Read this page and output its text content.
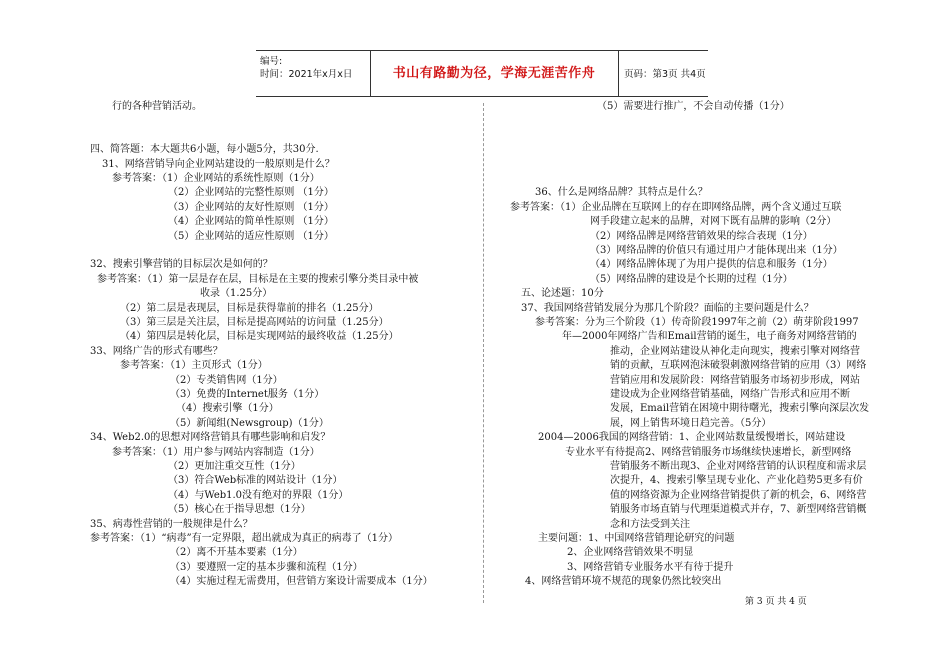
编号:
时间：2021年x月x日	书山有路勤为径，学海无涯苦作舟	页码：第3页 共4页
行的各种营销活动。
四、简答题：本大题共6小题，每小题5分，共30分.
31、网络营销导向企业网站建设的一般原则是什么？
参考答案：（1）企业网站的系统性原则（1分）
（2）企业网站的完整性原则 （1分）
（3）企业网站的友好性原则 （1分）
（4）企业网站的简单性原则 （1分）
（5）企业网站的适应性原则 （1分）
32、搜索引擎营销的目标层次是如何的？
参考答案：（1）第一层是存在层，目标是在主要的搜索引擎分类目录中被
收录（1.25分）
（2）第二层是表现层，目标是获得靠前的排名（1.25分）
（3）第三层是关注层，目标是提高网站的访问量（1.25分）
（4）第四层是转化层，目标是实现网站的最终收益（1.25分）
33、网络广告的形式有哪些？
参考答案：（1）主页形式（1分）
（2）专类销售网（1分）
（3）免费的Internet服务（1分）
（4）搜索引擎（1分）
（5）新闻组(Newsgroup)（1分）
34、Web2.0的思想对网络营销具有哪些影响和启发？
参考答案：（1）用户参与网站内容制造（1分）
（2）更加注重交互性（1分）
（3）符合Web标准的网站设计（1分）
（4）与Web1.0没有绝对的界限（1分）
（5）核心在于指导思想（1分）
35、病毒性营销的一般规律是什么？
参考答案：（1）“病毒”有一定界限，超出就成为真正的病毒了（1分）
（2）离不开基本要素（1分）
（3）要遵照一定的基本步骤和流程（1分）
（4）实施过程无需费用，但营销方案设计需要成本（1分）
（5）需要进行推广，不会自动传播（1分）
36、什么是网络品牌？其特点是什么？
参考答案：（1）企业品牌在互联网上的存在即网络品牌，两个含义通过互联
网手段建立起来的品牌，对网下既有品牌的影响（2分）
（2）网络品牌是网络营销效果的综合表现（1分）
（3）网络品牌的价值只有通过用户才能体现出来（1分）
（4）网络品牌体现了为用户提供的信息和服务（1分）
（5）网络品牌的建设是个长期的过程（1分）
五、论述题：10分
37、我国网络营销发展分为那几个阶段？面临的主要问题是什么？
参考答案：分为三个阶段（1）传奇阶段1997年之前（2）萌芽阶段1997
年—2000年网络广告和Email营销的诞生，电子商务对网络营销的
推动，企业网站建设从神化走向现实，搜索引擎对网络营
销的贡献，互联网泡沫破裂刺激网络营销的应用（3）网络
营销应用和发展阶段：网络营销服务市场初步形成，网站
建设成为企业网络营销基础，网络广告形式和应用不断
发展，Email营销在困境中期待曙光，搜索引擎向深层次发
展，网上销售环境日趋完善。（5分）
2004—2006我国的网络营销：1、企业网站数量缓慢增长，网站建设
专业水平有待提高2、网络营销服务市场继续快速增长，新型网络
营销服务不断出现3、企业对网络营销的认识程度和需求层
次提升，4、搜索引擎呈现专业化、产业化趋势5更多有价
值的网络资源为企业网络营销提供了新的机会，6、网络营
销服务市场直销与代理渠道模式并存，7、新型网络营销概
念和方法受到关注
主要问题：1、中国网络营销理论研究的问题
2、企业网络营销效果不明显
3、网络营销专业服务水平有待于提升
4、网络营销环境不规范的现象仍然比较突出
第 3 页 共 4 页
